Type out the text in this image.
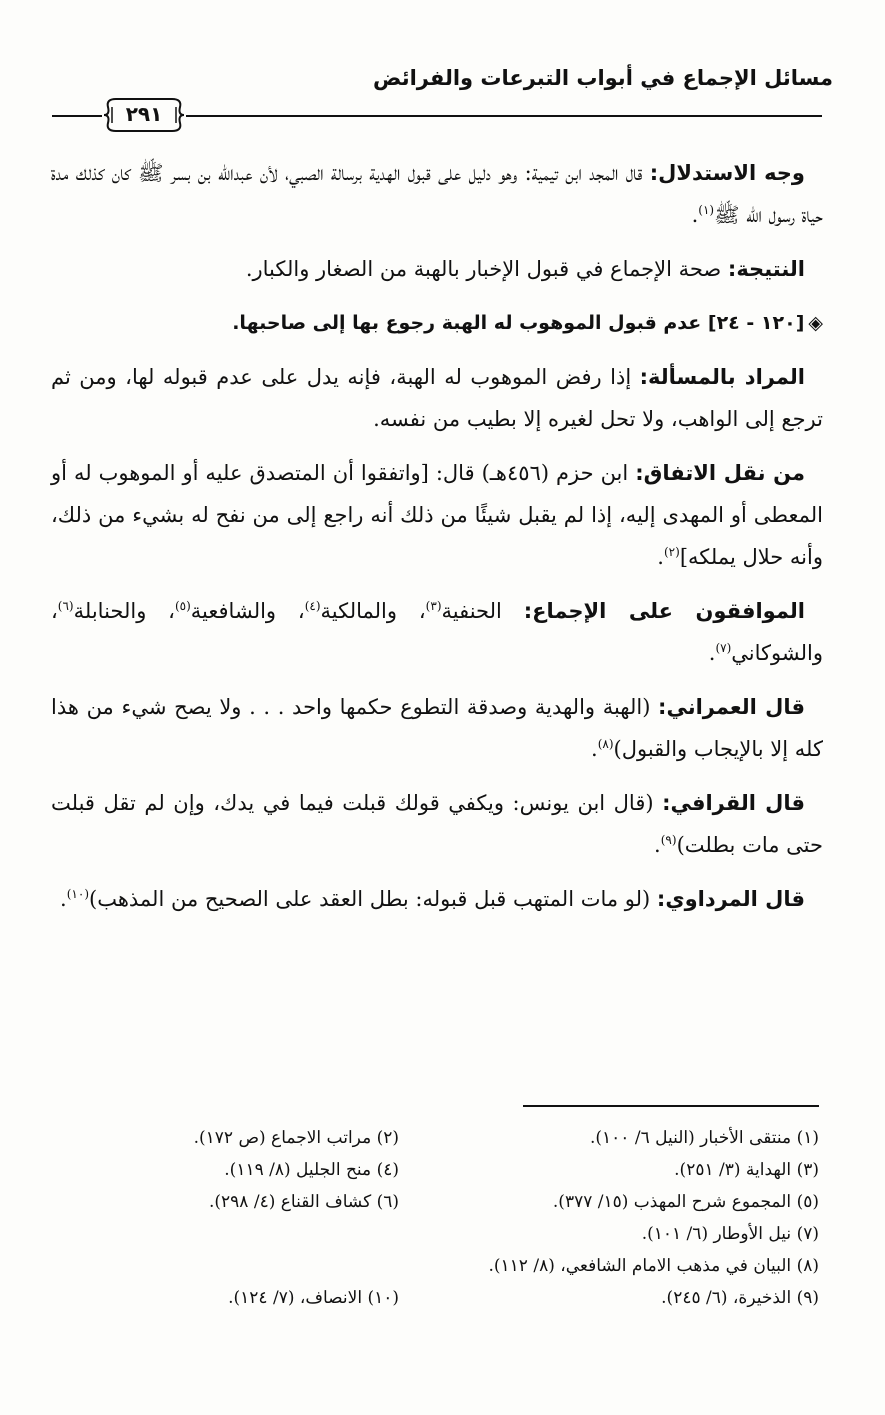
مسائل الإجماع في أبواب التبرعات والفرائض
٢٩١

وجه الاستدلال: قال المجد ابن تيمية: وهو دليل على قبول الهدية برسالة الصبي، لأن عبدالله بن بسر ﷺ كان كذلك مدة حياة رسول الله ﷺ$^{(١)}$.

النتيجة: صحة الإجماع في قبول الإخبار بالهبة من الصغار والكبار.

◈[١٢٠ - ٢٤] عدم قبول الموهوب له الهبة رجوع بها إلى صاحبها.

المراد بالمسألة: إذا رفض الموهوب له الهبة، فإنه يدل على عدم قبوله لها، ومن ثم ترجع إلى الواهب، ولا تحل لغيره إلا بطيب من نفسه.

من نقل الاتفاق: ابن حزم (٤٥٦هـ) قال: [واتفقوا أن المتصدق عليه أو الموهوب له أو المعطى أو المهدى إليه، إذا لم يقبل شيئًا من ذلك أنه راجع إلى من نفح له بشيء من ذلك، وأنه حلال يملكه]$^{(٢)}$.

الموافقون على الإجماع: الحنفية$^{(٣)}$، والمالكية$^{(٤)}$، والشافعية$^{(٥)}$، والحنابلة$^{(٦)}$، والشوكاني$^{(٧)}$.

قال العمراني: (الهبة والهدية وصدقة التطوع حكمها واحد . . . ولا يصح شيء من هذا كله إلا بالإيجاب والقبول)$^{(٨)}$.

قال القرافي: (قال ابن يونس: ويكفي قولك قبلت فيما في يدك، وإن لم تقل قبلت حتى مات بطلت)$^{(٩)}$.

قال المرداوي: (لو مات المتهب قبل قبوله: بطل العقد على الصحيح من المذهب)$^{(١٠)}$.

(١) منتقى الأخبار (النيل ٦/ ١٠٠).
(٢) مراتب الاجماع (ص ١٧٢).
(٣) الهداية (٣/ ٢٥١).
(٤) منح الجليل (٨/ ١١٩).
(٥) المجموع شرح المهذب (١٥/ ٣٧٧).
(٦) كشاف القناع (٤/ ٢٩٨).
(٧) نيل الأوطار (٦/ ١٠١).
(٨) البيان في مذهب الامام الشافعي، (٨/ ١١٢).
(٩) الذخيرة، (٦/ ٢٤٥).
(١٠) الانصاف، (٧/ ١٢٤).
